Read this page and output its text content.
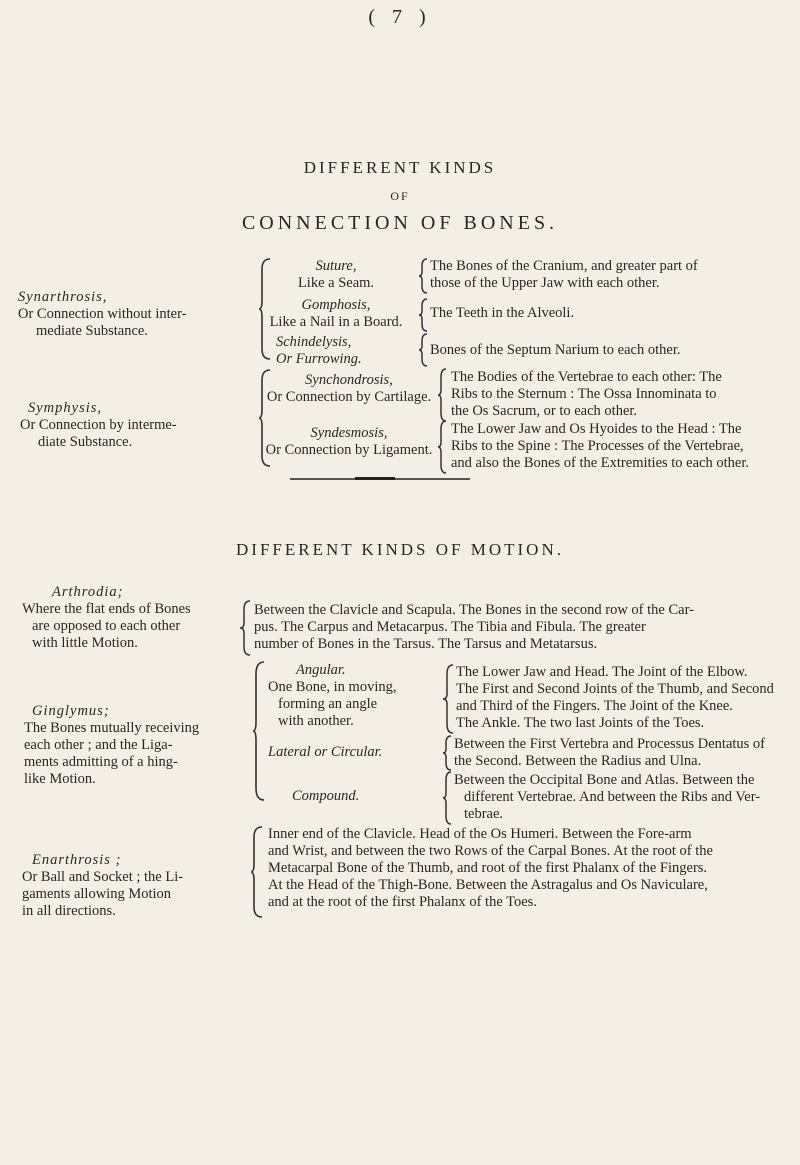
( 7 )
DIFFERENT KINDS
OF
CONNECTION OF BONES.
Synarthrosis,
Or Connection without inter-
mediate Substance.
Suture,
Like a Seam.
The Bones of the Cranium, and greater part of
those of the Upper Jaw with each other.
Gomphosis,
Like a Nail in a Board.
The Teeth in the Alveoli.
Schindelysis,
Or Furrowing.
Bones of the Septum Narium to each other.
Symphysis,
Or Connection by interme-
diate Substance.
Synchondrosis,
Or Connection by Cartilage.
The Bodies of the Vertebrae to each other: The
Ribs to the Sternum : The Ossa Innominata to
the Os Sacrum, or to each other.
Syndesmosis,
Or Connection by Ligament.
The Lower Jaw and Os Hyoides to the Head : The
Ribs to the Spine : The Processes of the Vertebrae,
and also the Bones of the Extremities to each other.
DIFFERENT KINDS OF MOTION.
Arthrodia;
Where the flat ends of Bones
are opposed to each other
with little Motion.
Between the Clavicle and Scapula. The Bones in the second row of the Car-
pus. The Carpus and Metacarpus. The Tibia and Fibula. The greater
number of Bones in the Tarsus. The Tarsus and Metatarsus.
Ginglymus;
The Bones mutually receiving
each other ; and the Liga-
ments admitting of a hing-
like Motion.
Angular.
One Bone, in moving,
forming an angle
with another.
The Lower Jaw and Head. The Joint of the Elbow.
The First and Second Joints of the Thumb, and Second
and Third of the Fingers. The Joint of the Knee.
The Ankle. The two last Joints of the Toes.
Lateral or Circular.	Between the First Vertebra and Processus Dentatus of
the Second. Between the Radius and Ulna.
Compound.
Between the Occipital Bone and Atlas. Between the
different Vertebrae. And between the Ribs and Ver-
tebrae.
Enarthrosis ;
Or Ball and Socket ; the Li-
gaments allowing Motion
in all directions.
Inner end of the Clavicle. Head of the Os Humeri. Between the Fore-arm
and Wrist, and between the two Rows of the Carpal Bones. At the root of the
Metacarpal Bone of the Thumb, and root of the first Phalanx of the Fingers.
At the Head of the Thigh-Bone. Between the Astragalus and Os Naviculare,
and at the root of the first Phalanx of the Toes.
